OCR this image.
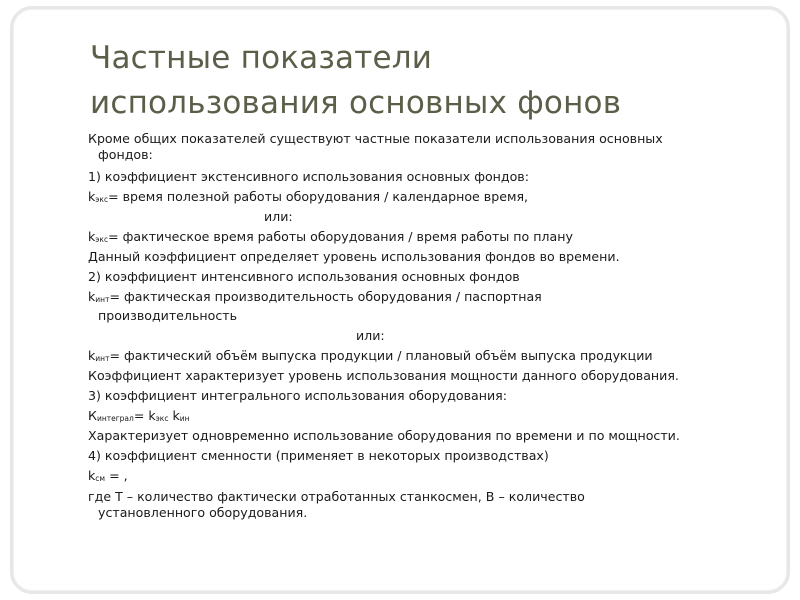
Частные показатели
использования основных фонов

Кроме общих показателей существуют частные показатели использования основных
фондов:

1) коэффициент экстенсивного использования основных фондов:

kэкс= время полезной работы оборудования / календарное время,

или:

kэкс= фактическое время работы оборудования / время работы по плану

Данный коэффициент определяет уровень использования фондов во времени.

2) коэффициент интенсивного использования основных фондов

kинт= фактическая производительность оборудования / паспортная
производительность

или:

kинт= фактический объём выпуска продукции / плановый объём выпуска продукции

Коэффициент характеризует уровень использования мощности данного оборудования.

3) коэффициент интегрального использования оборудования:

Кинтеграл= kэкс kин

Характеризует одновременно использование оборудования по времени и по мощности.

4) коэффициент сменности (применяет в некоторых производствах)

kсм = ,

где Т – количество фактически отработанных станкосмен, В – количество
установленного оборудования.
